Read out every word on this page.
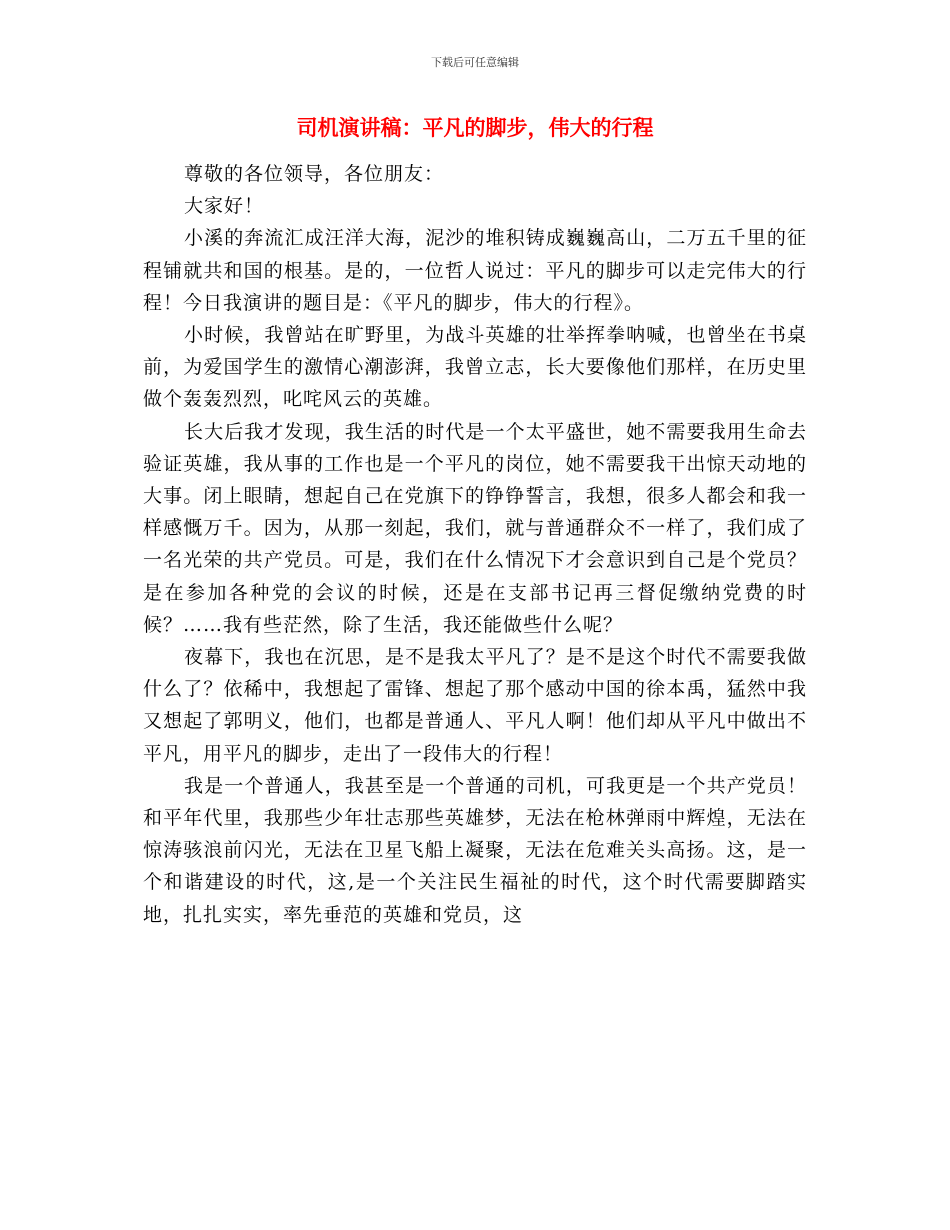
下载后可任意编辑
司机演讲稿：平凡的脚步，伟大的行程

尊敬的各位领导，各位朋友：

大家好！

小溪的奔流汇成汪洋大海，泥沙的堆积铸成巍巍高山，二万五千里的征程铺就共和国的根基。是的，一位哲人说过：平凡的脚步可以走完伟大的行程！今日我演讲的题目是：《平凡的脚步，伟大的行程》。

小时候，我曾站在旷野里，为战斗英雄的壮举挥拳呐喊，也曾坐在书桌前，为爱国学生的激情心潮澎湃，我曾立志，长大要像他们那样，在历史里做个轰轰烈烈，叱咤风云的英雄。

长大后我才发现，我生活的时代是一个太平盛世，她不需要我用生命去验证英雄，我从事的工作也是一个平凡的岗位，她不需要我干出惊天动地的大事。闭上眼睛，想起自己在党旗下的铮铮誓言，我想，很多人都会和我一样感慨万千。因为，从那一刻起，我们，就与普通群众不一样了，我们成了一名光荣的共产党员。可是，我们在什么情况下才会意识到自己是个党员？是在参加各种党的会议的时候，还是在支部书记再三督促缴纳党费的时候？……我有些茫然，除了生活，我还能做些什么呢？

夜幕下，我也在沉思，是不是我太平凡了？是不是这个时代不需要我做什么了？依稀中，我想起了雷锋、想起了那个感动中国的徐本禹，猛然中我又想起了郭明义，他们，也都是普通人、平凡人啊！他们却从平凡中做出不平凡，用平凡的脚步，走出了一段伟大的行程！

我是一个普通人，我甚至是一个普通的司机，可我更是一个共产党员！和平年代里，我那些少年壮志那些英雄梦，无法在枪林弹雨中辉煌，无法在惊涛骇浪前闪光，无法在卫星飞船上凝聚，无法在危难关头高扬。这，是一个和谐建设的时代，这,是一个关注民生福祉的时代，这个时代需要脚踏实地，扎扎实实，率先垂范的英雄和党员，这
